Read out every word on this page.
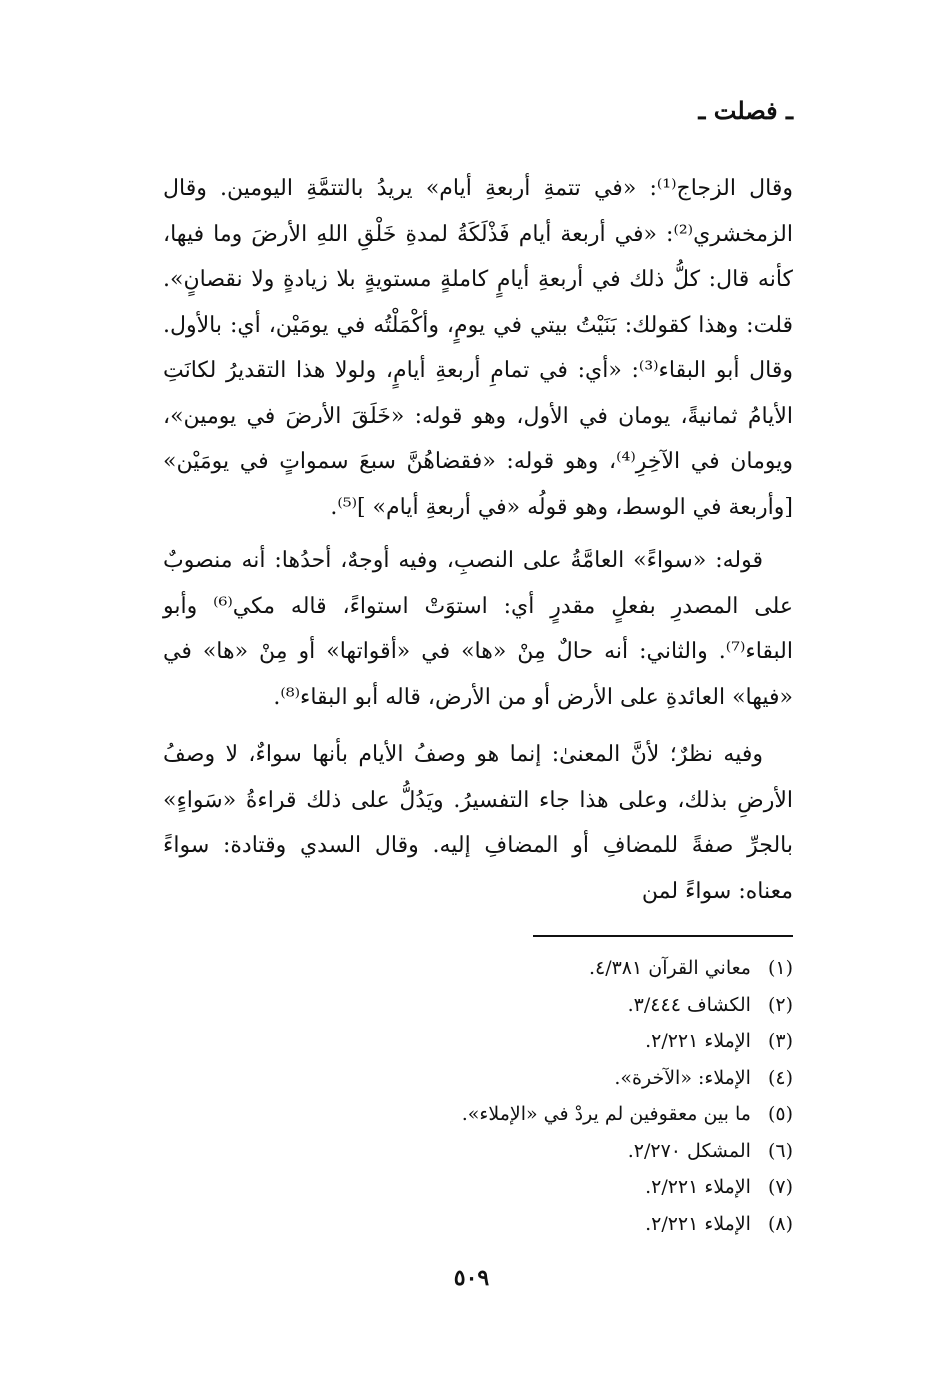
ـ فصلت ـ

وقال الزجاج⁽¹⁾: «في تتمةِ أربعةِ أيام» يريدُ بالتتمَّةِ اليومين. وقال الزمخشري⁽²⁾: «في أربعة أيام فَذْلَكَةُ لمدةِ خَلْقِ اللهِ الأرضَ وما فيها، كأنه قال: كلُّ ذلك في أربعةِ أيامٍ كاملةٍ مستويةٍ بلا زيادةٍ ولا نقصانٍ». قلت: وهذا كقولك: بَنَيْتُ بيتي في يومٍ، وأكْمَلْتُه في يومَيْن، أي: بالأول. وقال أبو البقاء⁽³⁾: «أي: في تمامِ أربعةِ أيامٍ، ولولا هذا التقديرُ لكانَتِ الأيامُ ثمانيةً، يومان في الأول، وهو قوله: «خَلَقَ الأرضَ في يومين»، ويومان في الآخِرِ⁽⁴⁾، وهو قوله: «فقضاهُنَّ سبعَ سمواتٍ في يومَيْن» [وأربعة في الوسط، وهو قولُه «في أربعةِ أيام» ]⁽⁵⁾.

قوله: «سواءً» العامَّةُ على النصبِ، وفيه أوجهٌ، أحدُها: أنه منصوبٌ على المصدرِ بفعلٍ مقدرٍ أي: استوَتْ استواءً، قاله مكي⁽⁶⁾ وأبو البقاء⁽⁷⁾. والثاني: أنه حالٌ مِنْ «ها» في «أقواتها» أو مِنْ «ها» في «فيها» العائدةِ على الأرض أو من الأرض، قاله أبو البقاء⁽⁸⁾.

وفيه نظرٌ؛ لأنَّ المعنىٰ: إنما هو وصفُ الأيام بأنها سواءٌ، لا وصفُ الأرضِ بذلك، وعلى هذا جاء التفسيرُ. ويَدُلُّ على ذلك قراءةُ «سَواءٍ» بالجرِّ صفةً للمضافِ أو المضافِ إليه. وقال السدي وقتادة: سواءً معناه: سواءً لمن

(١) معاني القرآن ٤/٣٨١.
(٢) الكشاف ٣/٤٤٤.
(٣) الإملاء ٢/٢٢١.
(٤) الإملاء: «الآخرة».
(٥) ما بين معقوفين لم يردْ في «الإملاء».
(٦) المشكل ٢/٢٧٠.
(٧) الإملاء ٢/٢٢١.
(٨) الإملاء ٢/٢٢١.
٥٠٩
